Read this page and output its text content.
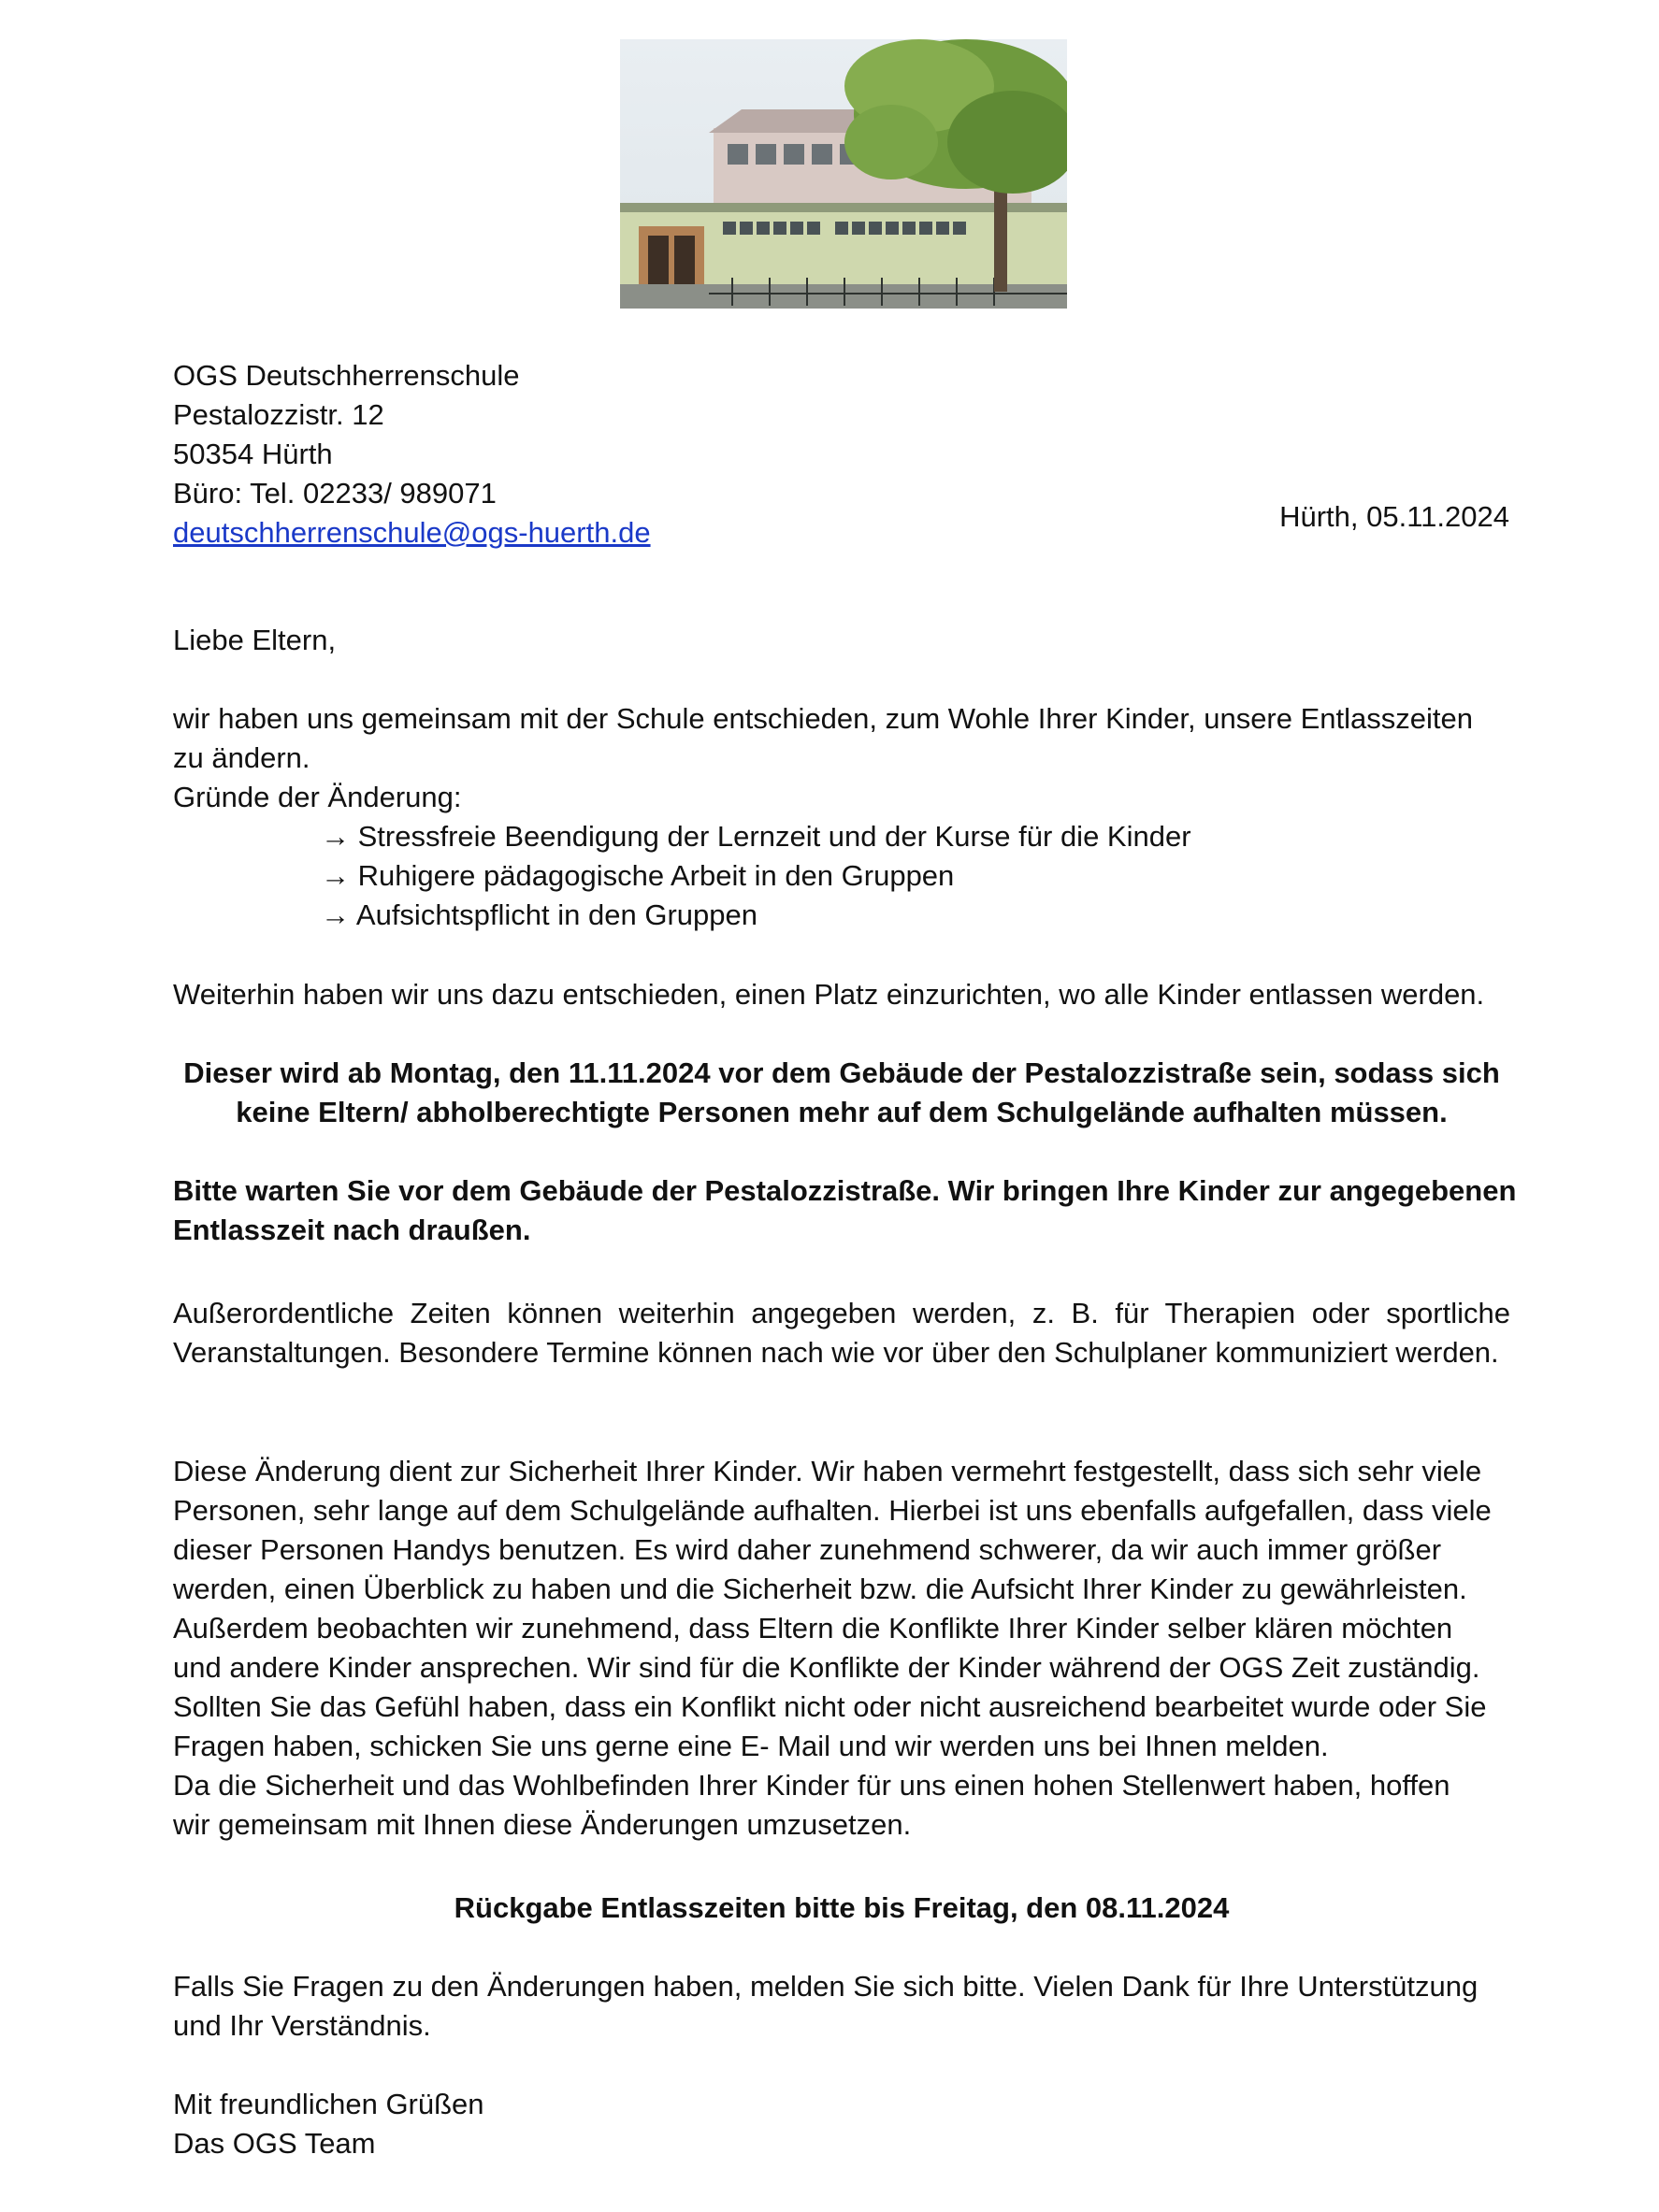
OGS Deutschherrenschule
Pestalozzistr. 12
50354 Hürth
Büro: Tel. 02233/ 989071
deutschherrenschule@ogs-huerth.de	Hürth, 05.11.2024
Liebe Eltern,
wir haben uns gemeinsam mit der Schule entschieden, zum Wohle Ihrer Kinder, unsere Entlasszeiten
zu ändern.
Gründe der Änderung:
→ Stressfreie Beendigung der Lernzeit und der Kurse für die Kinder
→ Ruhigere pädagogische Arbeit in den Gruppen
→ Aufsichtspflicht in den Gruppen
Weiterhin haben wir uns dazu entschieden, einen Platz einzurichten, wo alle Kinder entlassen werden.
Dieser wird ab Montag, den 11.11.2024 vor dem Gebäude der Pestalozzistraße sein, sodass sich
keine Eltern/ abholberechtigte Personen mehr auf dem Schulgelände aufhalten müssen.
Bitte warten Sie vor dem Gebäude der Pestalozzistraße. Wir bringen Ihre Kinder zur angegebenen
Entlasszeit nach draußen.

Außerordentliche Zeiten können weiterhin angegeben werden, z. B. für Therapien oder sportliche Veranstaltungen. Besondere Termine können nach wie vor über den Schulplaner kommuniziert werden.

Diese Änderung dient zur Sicherheit Ihrer Kinder. Wir haben vermehrt festgestellt, dass sich sehr viele
Personen, sehr lange auf dem Schulgelände aufhalten. Hierbei ist uns ebenfalls aufgefallen, dass viele
dieser Personen Handys benutzen. Es wird daher zunehmend schwerer, da wir auch immer größer
werden, einen Überblick zu haben und die Sicherheit bzw. die Aufsicht Ihrer Kinder zu gewährleisten.
Außerdem beobachten wir zunehmend, dass Eltern die Konflikte Ihrer Kinder selber klären möchten
und andere Kinder ansprechen. Wir sind für die Konflikte der Kinder während der OGS Zeit zuständig.
Sollten Sie das Gefühl haben, dass ein Konflikt nicht oder nicht ausreichend bearbeitet wurde oder Sie
Fragen haben, schicken Sie uns gerne eine E- Mail und wir werden uns bei Ihnen melden.
Da die Sicherheit und das Wohlbefinden Ihrer Kinder für uns einen hohen Stellenwert haben, hoffen
wir gemeinsam mit Ihnen diese Änderungen umzusetzen.
Rückgabe Entlasszeiten bitte bis Freitag, den 08.11.2024
Falls Sie Fragen zu den Änderungen haben, melden Sie sich bitte. Vielen Dank für Ihre Unterstützung
und Ihr Verständnis.
Mit freundlichen Grüßen
Das OGS Team
